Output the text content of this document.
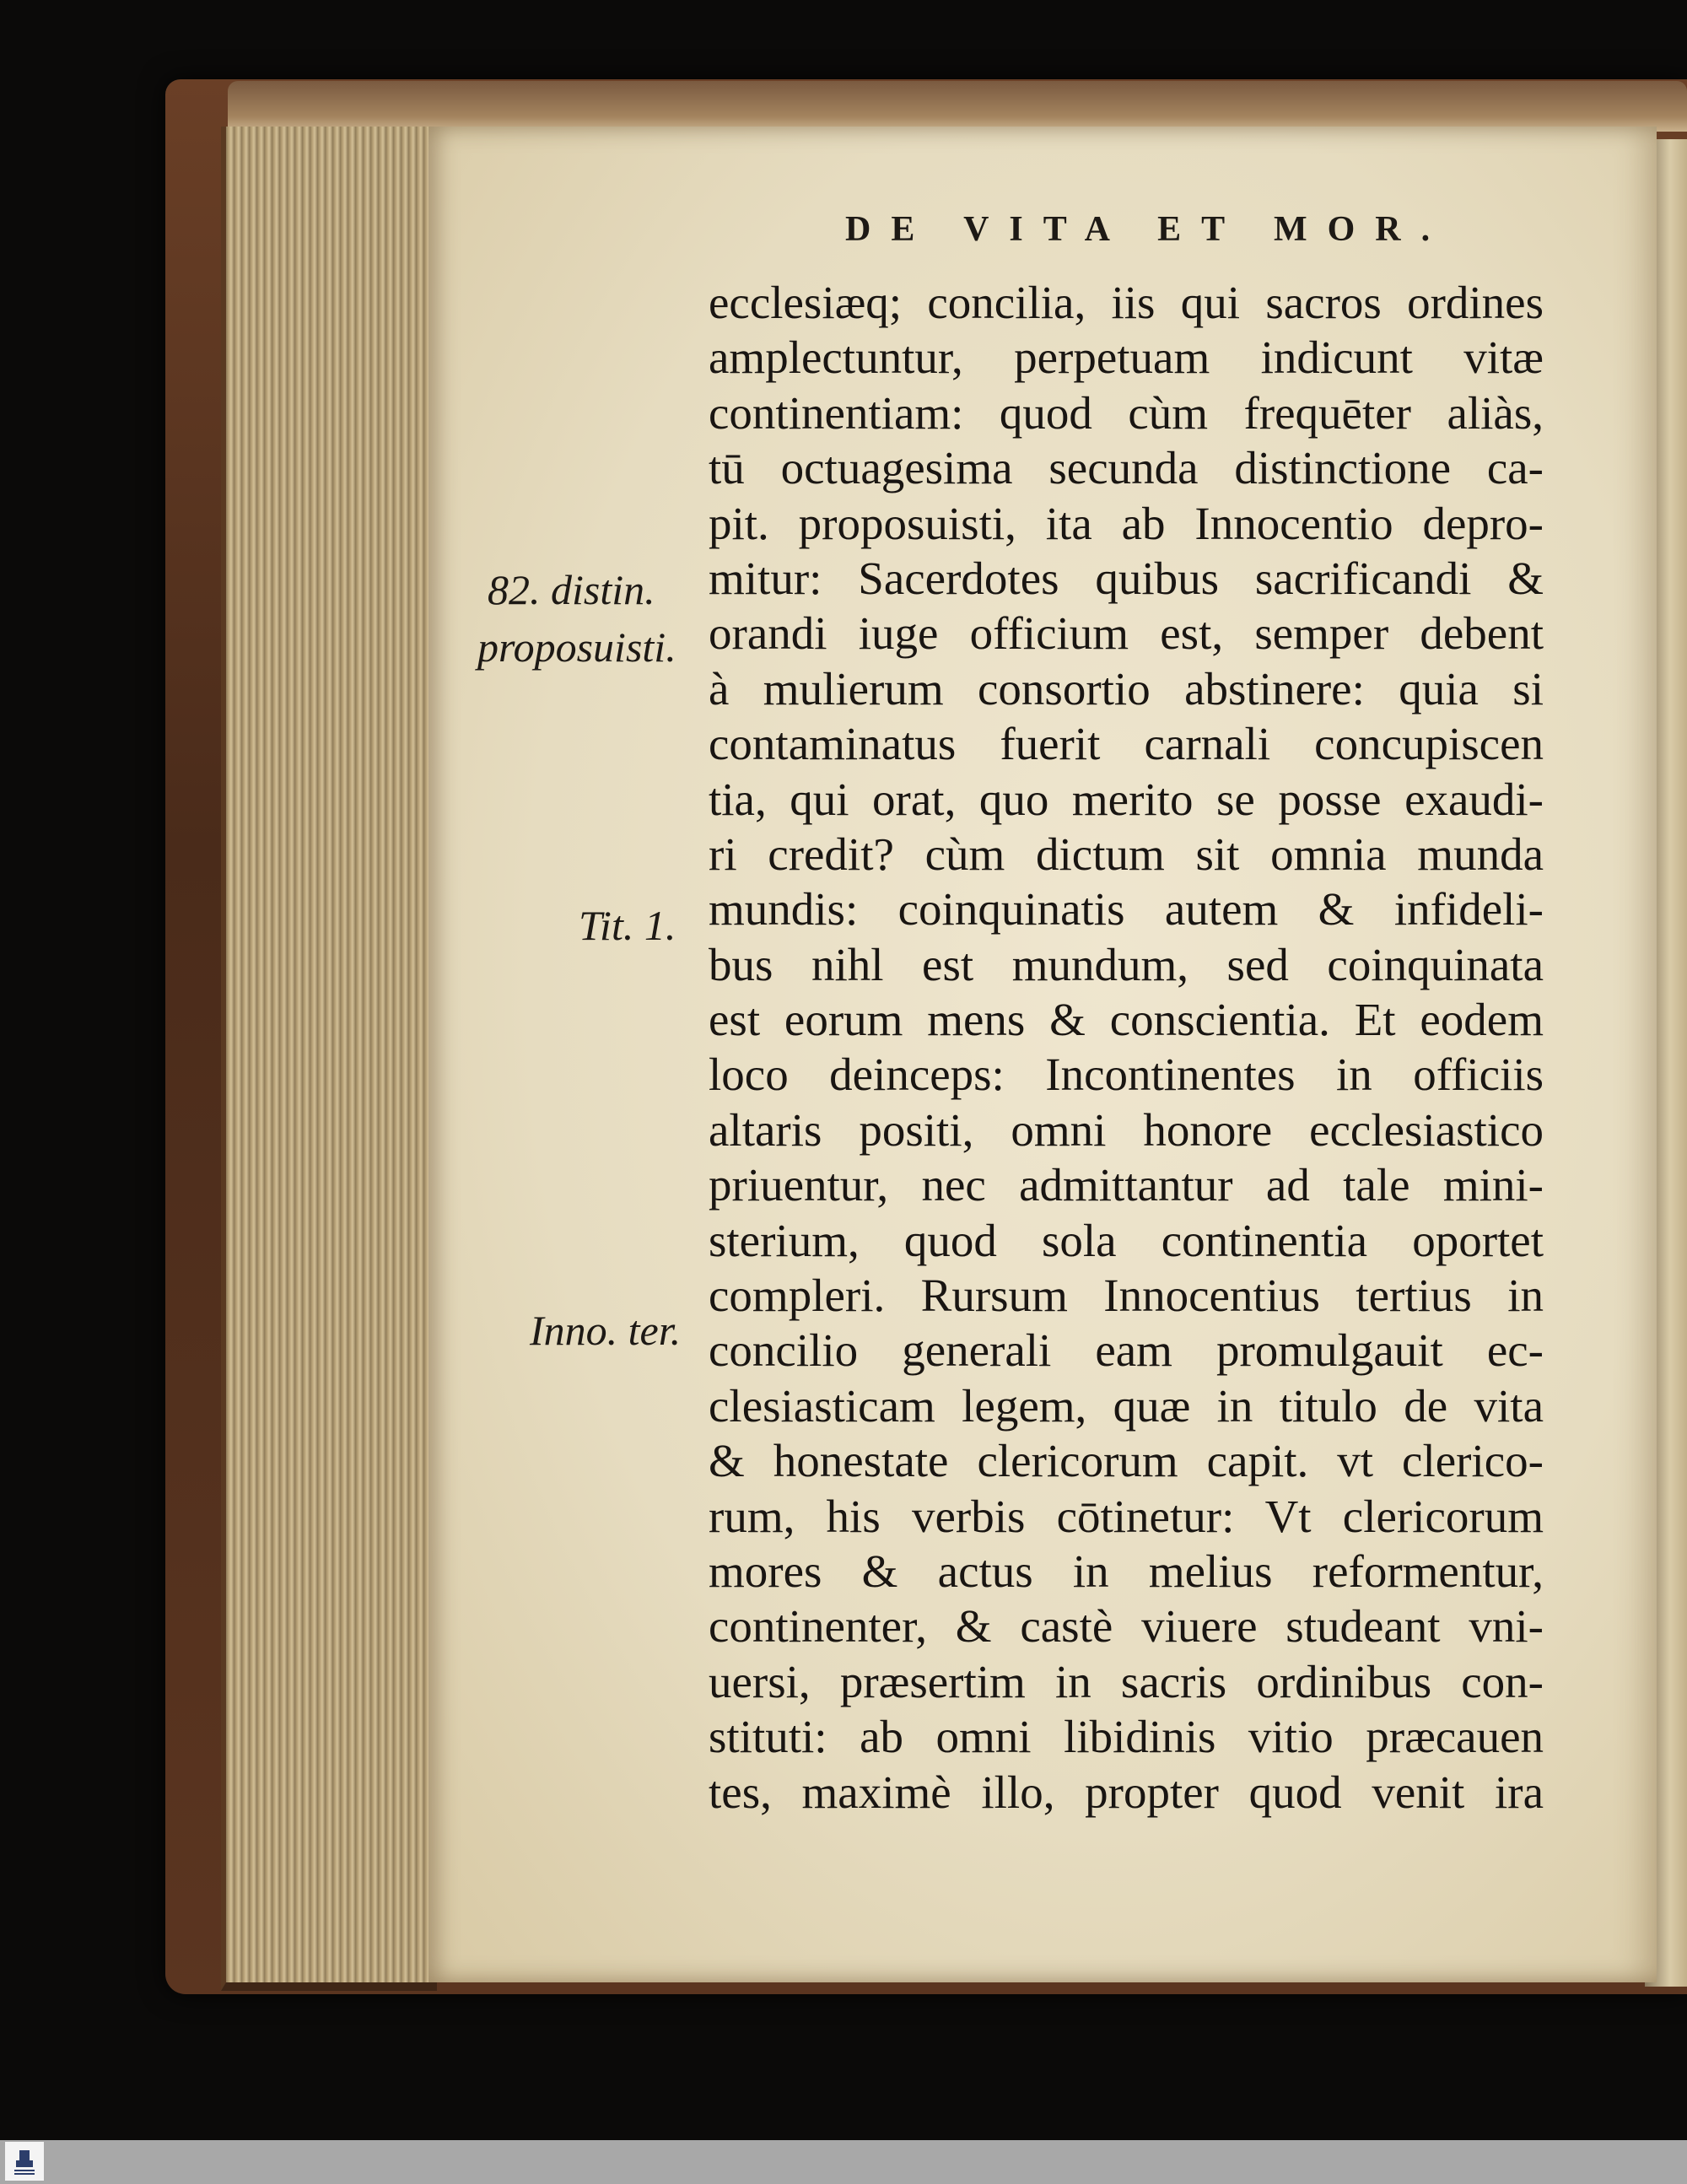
DE VITA ET MOR.
82. distin.
proposuisti.
Tit. 1.
Inno. ter.
ecclesiæq; concilia, iis qui sacros ordines
amplectuntur, perpetuam indicunt vitæ
continentiam: quod cùm frequēter aliàs,
tū octuagesima secunda distinctione ca-
pit. proposuisti, ita ab Innocentio depro-
mitur: Sacerdotes quibus sacrificandi &
orandi iuge officium est, semper debent
à mulierum consortio abstinere: quia si
contaminatus fuerit carnali concupiscen
tia, qui orat, quo merito se posse exaudi-
ri credit? cùm dictum sit omnia munda
mundis: coinquinatis autem & infideli-
bus nihl est mundum, sed coinquinata
est eorum mens & conscientia. Et eodem
loco deinceps: Incontinentes in officiis
altaris positi, omni honore ecclesiastico
priuentur, nec admittantur ad tale mini-
sterium, quod sola continentia oportet
compleri. Rursum Innocentius tertius in
concilio generali eam promulgauit ec-
clesiasticam legem, quæ in titulo de vita
& honestate clericorum capit. vt clerico-
rum, his verbis cōtinetur: Vt clericorum
mores & actus in melius reformentur,
continenter, & castè viuere studeant vni-
uersi, præsertim in sacris ordinibus con-
stituti: ab omni libidinis vitio præcauen
tes, maximè illo, propter quod venit ira
